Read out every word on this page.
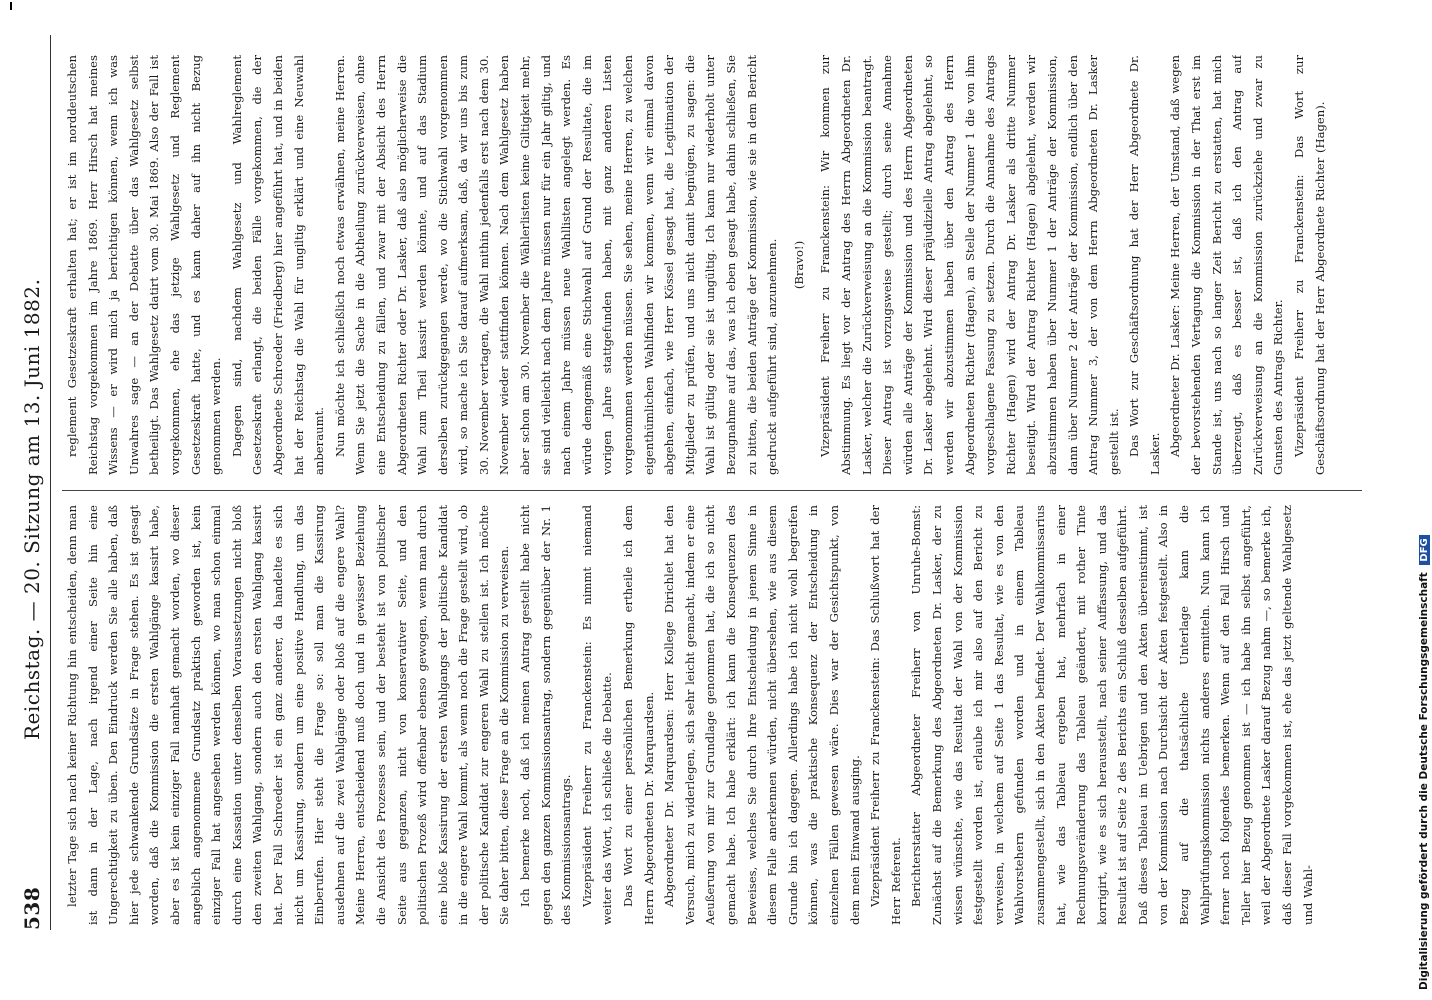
538
Reichstag. — 20. Sitzung am 13. Juni 1882. letzter Tage sich nach keiner Richtung hin entscheiden, denn man ist dann in der Lage, nach irgend einer Seite hin eine Ungerechtigkeit zu üben. Den Eindruck werden Sie alle haben, daß hier jede schwankende Grundsätze in Frage stehen. Es ist gesagt worden, daß die Kommission die ersten Wahlgänge kassirt habe, aber es ist kein einziger Fall namhaft gemacht worden, wo dieser angeblich angenommene Grundsatz praktisch geworden ist, kein einziger Fall hat angesehen werden können, wo man schon einmal durch eine Kassation unter denselben Voraussetzungen nicht bloß den zweiten Wahlgang, sondern auch den ersten Wahlgang kassirt hat. Der Fall Schroeder ist ein ganz anderer, da handelte es sich nicht um Kassirung, sondern um eine positive Handlung, um das Einberufen. Hier steht die Frage so: soll man die Kassirung ausdehnen auf die zwei Wahlgänge oder bloß auf die engere Wahl? Meine Herren, entscheidend muß doch und in gewisser Beziehung die Ansicht des Prozesses sein, und der besteht ist von politischer Seite aus geganzen, nicht von konservativer Seite, und den politischen Prozeß wird offenbar ebenso gewogen, wenn man durch eine bloße Kassirung der ersten Wahlgangs der politische Kandidat in die engere Wahl kommt, als wenn noch die Frage gestellt wird, ob der politische Kandidat zur engeren Wahl zu stellen ist. Ich möchte Sie daher bitten, diese Frage an die Kommission zu verweisen. Ich bemerke noch, daß ich meinen Antrag gestellt habe nicht gegen den ganzen Kommissionsantrag, sondern gegenüber der Nr. 1 des Kommissionsantrags. Vizepräsident Freiherr zu Franckenstein: Es nimmt niemand weiter das Wort, ich schließe die Debatte. Das Wort zu einer persönlichen Bemerkung ertheile ich dem Herrn Abgeordneten Dr. Marquardsen. Abgeordneter Dr. Marquardsen: Herr Kollege Dirichlet hat den Versuch, mich zu widerlegen, sich sehr leicht gemacht, indem er eine Aeußerung von mir zur Grundlage genommen hat, die ich so nicht gemacht habe. Ich habe erklärt: ich kann die Konsequenzen des Beweises, welches Sie durch Ihre Entscheidung in jenem Sinne in diesem Falle anerkennen würden, nicht übersehen, wie aus diesem Grunde bin ich dagegen. Allerdings habe ich nicht wohl begreifen können, was die praktische Konsequenz der Entscheidung in einzelnen Fällen gewesen wäre. Dies war der Gesichtspunkt, von dem mein Einwand ausging. Vizepräsident Freiherr zu Franckenstein: Das Schlußwort hat der Herr Referent. Berichterstatter Abgeordneter Freiherr von Unruhe-Bomst: Zunächst auf die Bemerkung des Abgeordneten Dr. Lasker, der zu wissen wünschte, wie das Resultat der Wahl von der Kommission festgestellt worden ist, erlaube ich mir also auf den Bericht zu verweisen, in welchem auf Seite 1 das Resultat, wie es von den Wahlvorstehern gefunden worden und in einem Tableau zusammengestellt, sich in den Akten befindet. Der Wahlkommissarius hat, wie das Tableau ergeben hat, mehrfach in einer Rechnungsveränderung das Tableau geändert, mit rother Tinte korrigirt, wie es sich herausstellt, nach seiner Auffassung, und das Resultat ist auf Seite 2 des Berichts ein Schluß desselben aufgeführt. Daß dieses Tableau im Uebrigen und den Akten übereinstimmt, ist von der Kommission nach Durchsicht der Akten festgestellt. Also in Bezug auf die thatsächliche Unterlage kann die Wahlprüfungskommission nichts anderes ermitteln. Nun kann ich ferner noch folgendes bemerken. Wenn auf den Fall Hirsch und Teller hier Bezug genommen ist — ich habe ihn selbst angeführt, weil der Abgeordnete Lasker darauf Bezug nahm —, so bemerke ich, daß dieser Fall vorgekommen ist, ehe das jetzt geltende Wahlgesetz und Wahl-

reglement Gesetzeskraft erhalten hat; er ist im norddeutschen Reichstag vorgekommen im Jahre 1869. Herr Hirsch hat meines Wissens — er wird mich ja berichtigen können, wenn ich was Unwahres sage — an der Debatte über das Wahlgesetz selbst betheiligt. Das Wahlgesetz datirt vom 30. Mai 1869. Also der Fall ist vorgekommen, ehe das jetzige Wahlgesetz und Reglement Gesetzeskraft hatte, und es kann daher auf ihn nicht Bezug genommen werden. Dagegen sind, nachdem Wahlgesetz und Wahlreglement Gesetzeskraft erlangt, die beiden Fälle vorgekommen, die der Abgeordnete Schroeder (Friedberg) hier angeführt hat, und in beiden hat der Reichstag die Wahl für ungiltig erklärt und eine Neuwahl anberaumt. Nun möchte ich schließlich noch etwas erwähnen, meine Herren. Wenn Sie jetzt die Sache in die Abtheilung zurückverweisen, ohne eine Entscheidung zu fällen, und zwar mit der Absicht des Herrn Abgeordneten Richter oder Dr. Lasker, daß also möglicherweise die Wahl zum Theil kassirt werden könnte, und auf das Stadium derselben zurückgegangen werde, wo die Stichwahl vorgenommen wird, so mache ich Sie darauf aufmerksam, daß, da wir uns bis zum 30. November vertagen, die Wahl mithin jedenfalls erst nach dem 30. November wieder stattfinden können. Nach dem Wahlgesetz haben aber schon am 30. November die Wählerlisten keine Giltigkeit mehr, sie sind vielleicht nach dem Jahre müssen nur für ein Jahr giltig, und nach einem Jahre müssen neue Wahllisten angelegt werden. Es würde demgemäß eine Stichwahl auf Grund der Resultate, die im vorigen Jahre stattgefunden haben, mit ganz anderen Listen vorgenommen werden müssen. Sie sehen, meine Herren, zu welchen eigenthümlichen Wahlfinden wir kommen, wenn wir einmal davon abgehen, einfach, wie Herr Kössel gesagt hat, die Legitimation der Mitglieder zu prüfen, und uns nicht damit begnügen, zu sagen: die Wahl ist gültig oder sie ist ungültig. Ich kann nur wiederholt unter Bezugnahme auf das, was ich eben gesagt habe, dahin schließen, Sie zu bitten, die beiden Anträge der Kommission, wie sie in dem Bericht gedruckt aufgeführt sind, anzunehmen.	(Bravo!)	Vizepräsident Freiherr zu Franckenstein: Wir kommen zur Abstimmung. Es liegt vor der Antrag des Herrn Abgeordneten Dr. Lasker, welcher die Zurückverweisung an die Kommission beantragt. Dieser Antrag ist vorzugsweise gestellt; durch seine Annahme würden alle Anträge der Kommission und des Herrn Abgeordneten Dr. Lasker abgelehnt. Wird dieser präjudizielle Antrag abgelehnt, so werden wir abzustimmen haben über den Antrag des Herrn Abgeordneten Richter (Hagen), an Stelle der Nummer 1 die von ihm vorgeschlagene Fassung zu setzen. Durch die Annahme des Antrags Richter (Hagen) wird der Antrag Dr. Lasker als dritte Nummer beseitigt. Wird der Antrag Richter (Hagen) abgelehnt, werden wir abzustimmen haben über Nummer 1 der Anträge der Kommission, dann über Nummer 2 der Anträge der Kommission, endlich über den Antrag Nummer 3, der von dem Herrn Abgeordneten Dr. Lasker gestellt ist. Das Wort zur Geschäftsordnung hat der Herr Abgeordnete Dr. Lasker. Abgeordneter Dr. Lasker: Meine Herren, der Umstand, daß wegen der bevorstehenden Vertagung die Kommission in der That erst im Stande ist, uns nach so langer Zeit Bericht zu erstatten, hat mich überzeugt, daß es besser ist, daß ich den Antrag auf Zurückverweisung an die Kommission zurückziehe und zwar zu Gunsten des Antrags Richter. Vizepräsident Freiherr zu Franckenstein: Das Wort zur Geschäftsordnung hat der Herr Abgeordnete Richter (Hagen).

Digitalisierung gefördert durch die Deutsche Forschungsgemeinschaft DFG
